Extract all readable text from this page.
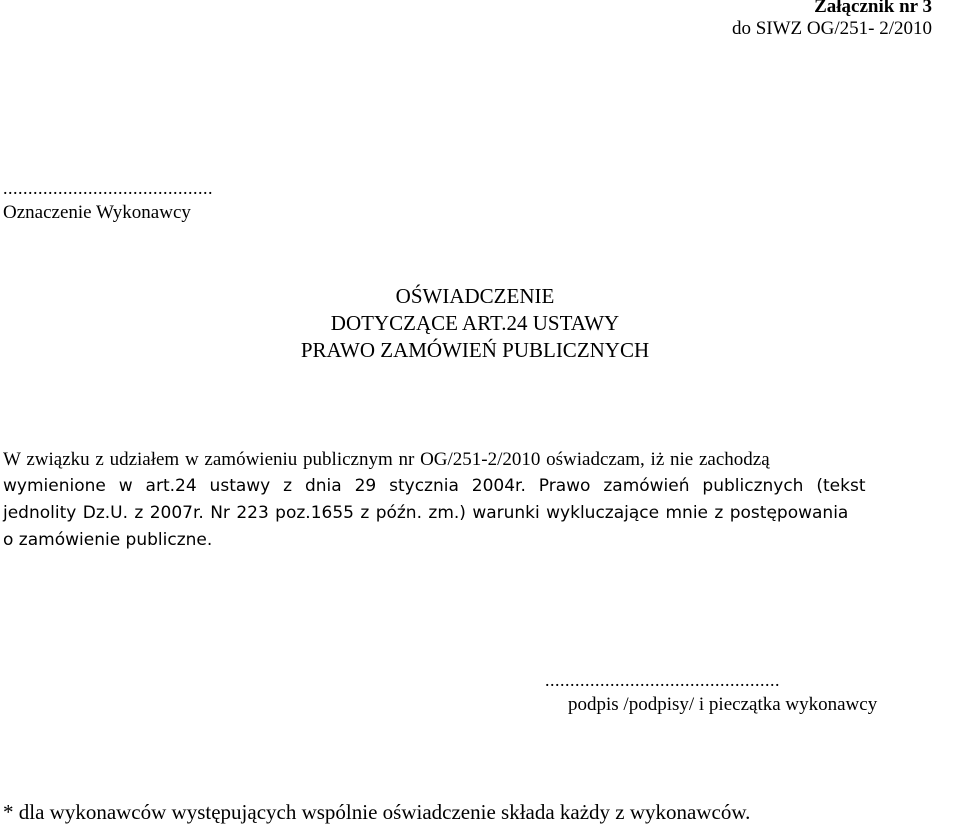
Załącznik nr 3
do SIWZ OG/251- 2/2010
..........................................
Oznaczenie Wykonawcy
OŚWIADCZENIE
DOTYCZĄCE ART.24 USTAWY
PRAWO ZAMÓWIEŃ PUBLICZNYCH
W związku z udziałem w zamówieniu publicznym nr OG/251-2/2010 oświadczam, iż nie zachodzą
wymienione w art.24 ustawy z dnia 29 stycznia 2004r. Prawo zamówień publicznych (tekst
jednolity Dz.U. z 2007r. Nr 223 poz.1655 z późn. zm.) warunki wykluczające mnie z postępowania
o zamówienie publiczne.
...............................................
podpis /podpisy/ i pieczątka wykonawcy
* dla wykonawców występujących wspólnie oświadczenie składa każdy z wykonawców.
